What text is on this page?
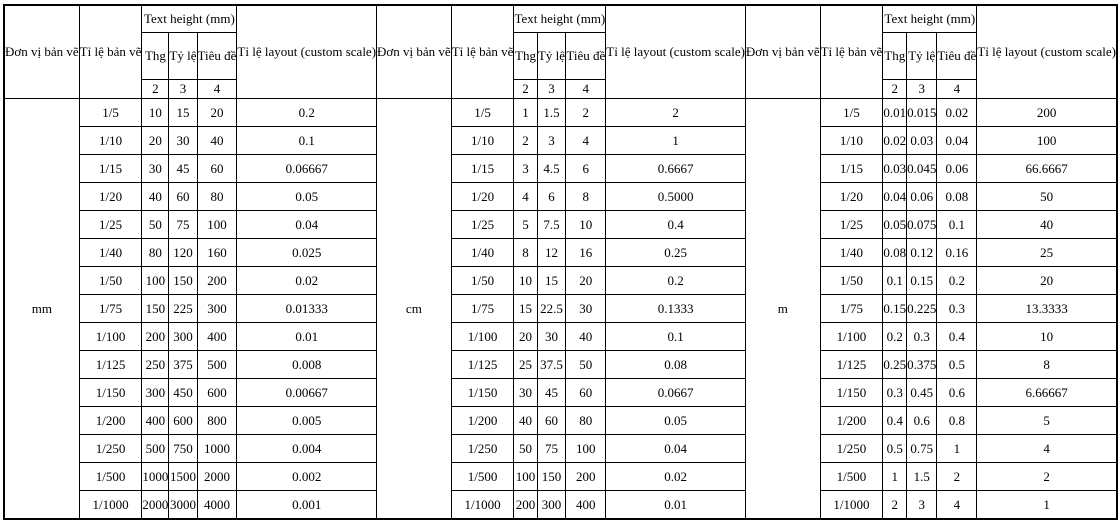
Đơn vị bản vẽ	Tỉ lệ bản vẽ	Text height (mm)			Tỉ lệ layout (custom scale)	Đơn vị bản vẽ	Tỉ lệ bản vẽ	Text height (mm)			Tỉ lệ layout (custom scale)	Đơn vị bản vẽ	Tỉ lệ bản vẽ	Text height (mm)			Tỉ lệ layout (custom scale)
		Thg	Tỷ lệ	Tiêu đề				Thg	Tỷ lệ	Tiêu đề				Thg	Tỷ lệ	Tiêu đề	
		2	3	4				2	3	4				2	3	4	
mm	1/5	10	15	20	0.2	cm	1/5	1	1.5	2	2	m	1/5	0.01	0.015	0.02	200
	1/10	20	30	40	0.1		1/10	2	3	4	1		1/10	0.02	0.03	0.04	100
	1/15	30	45	60	0.06667		1/15	3	4.5	6	0.6667		1/15	0.03	0.045	0.06	66.6667
	1/20	40	60	80	0.05		1/20	4	6	8	0.5000		1/20	0.04	0.06	0.08	50
	1/25	50	75	100	0.04		1/25	5	7.5	10	0.4		1/25	0.05	0.075	0.1	40
	1/40	80	120	160	0.025		1/40	8	12	16	0.25		1/40	0.08	0.12	0.16	25
	1/50	100	150	200	0.02		1/50	10	15	20	0.2		1/50	0.1	0.15	0.2	20
	1/75	150	225	300	0.01333		1/75	15	22.5	30	0.1333		1/75	0.15	0.225	0.3	13.3333
	1/100	200	300	400	0.01		1/100	20	30	40	0.1		1/100	0.2	0.3	0.4	10
	1/125	250	375	500	0.008		1/125	25	37.5	50	0.08		1/125	0.25	0.375	0.5	8
	1/150	300	450	600	0.00667		1/150	30	45	60	0.0667		1/150	0.3	0.45	0.6	6.66667
	1/200	400	600	800	0.005		1/200	40	60	80	0.05		1/200	0.4	0.6	0.8	5
	1/250	500	750	1000	0.004		1/250	50	75	100	0.04		1/250	0.5	0.75	1	4
	1/500	1000	1500	2000	0.002		1/500	100	150	200	0.02		1/500	1	1.5	2	2
	1/1000	2000	3000	4000	0.001		1/1000	200	300	400	0.01		1/1000	2	3	4	1
